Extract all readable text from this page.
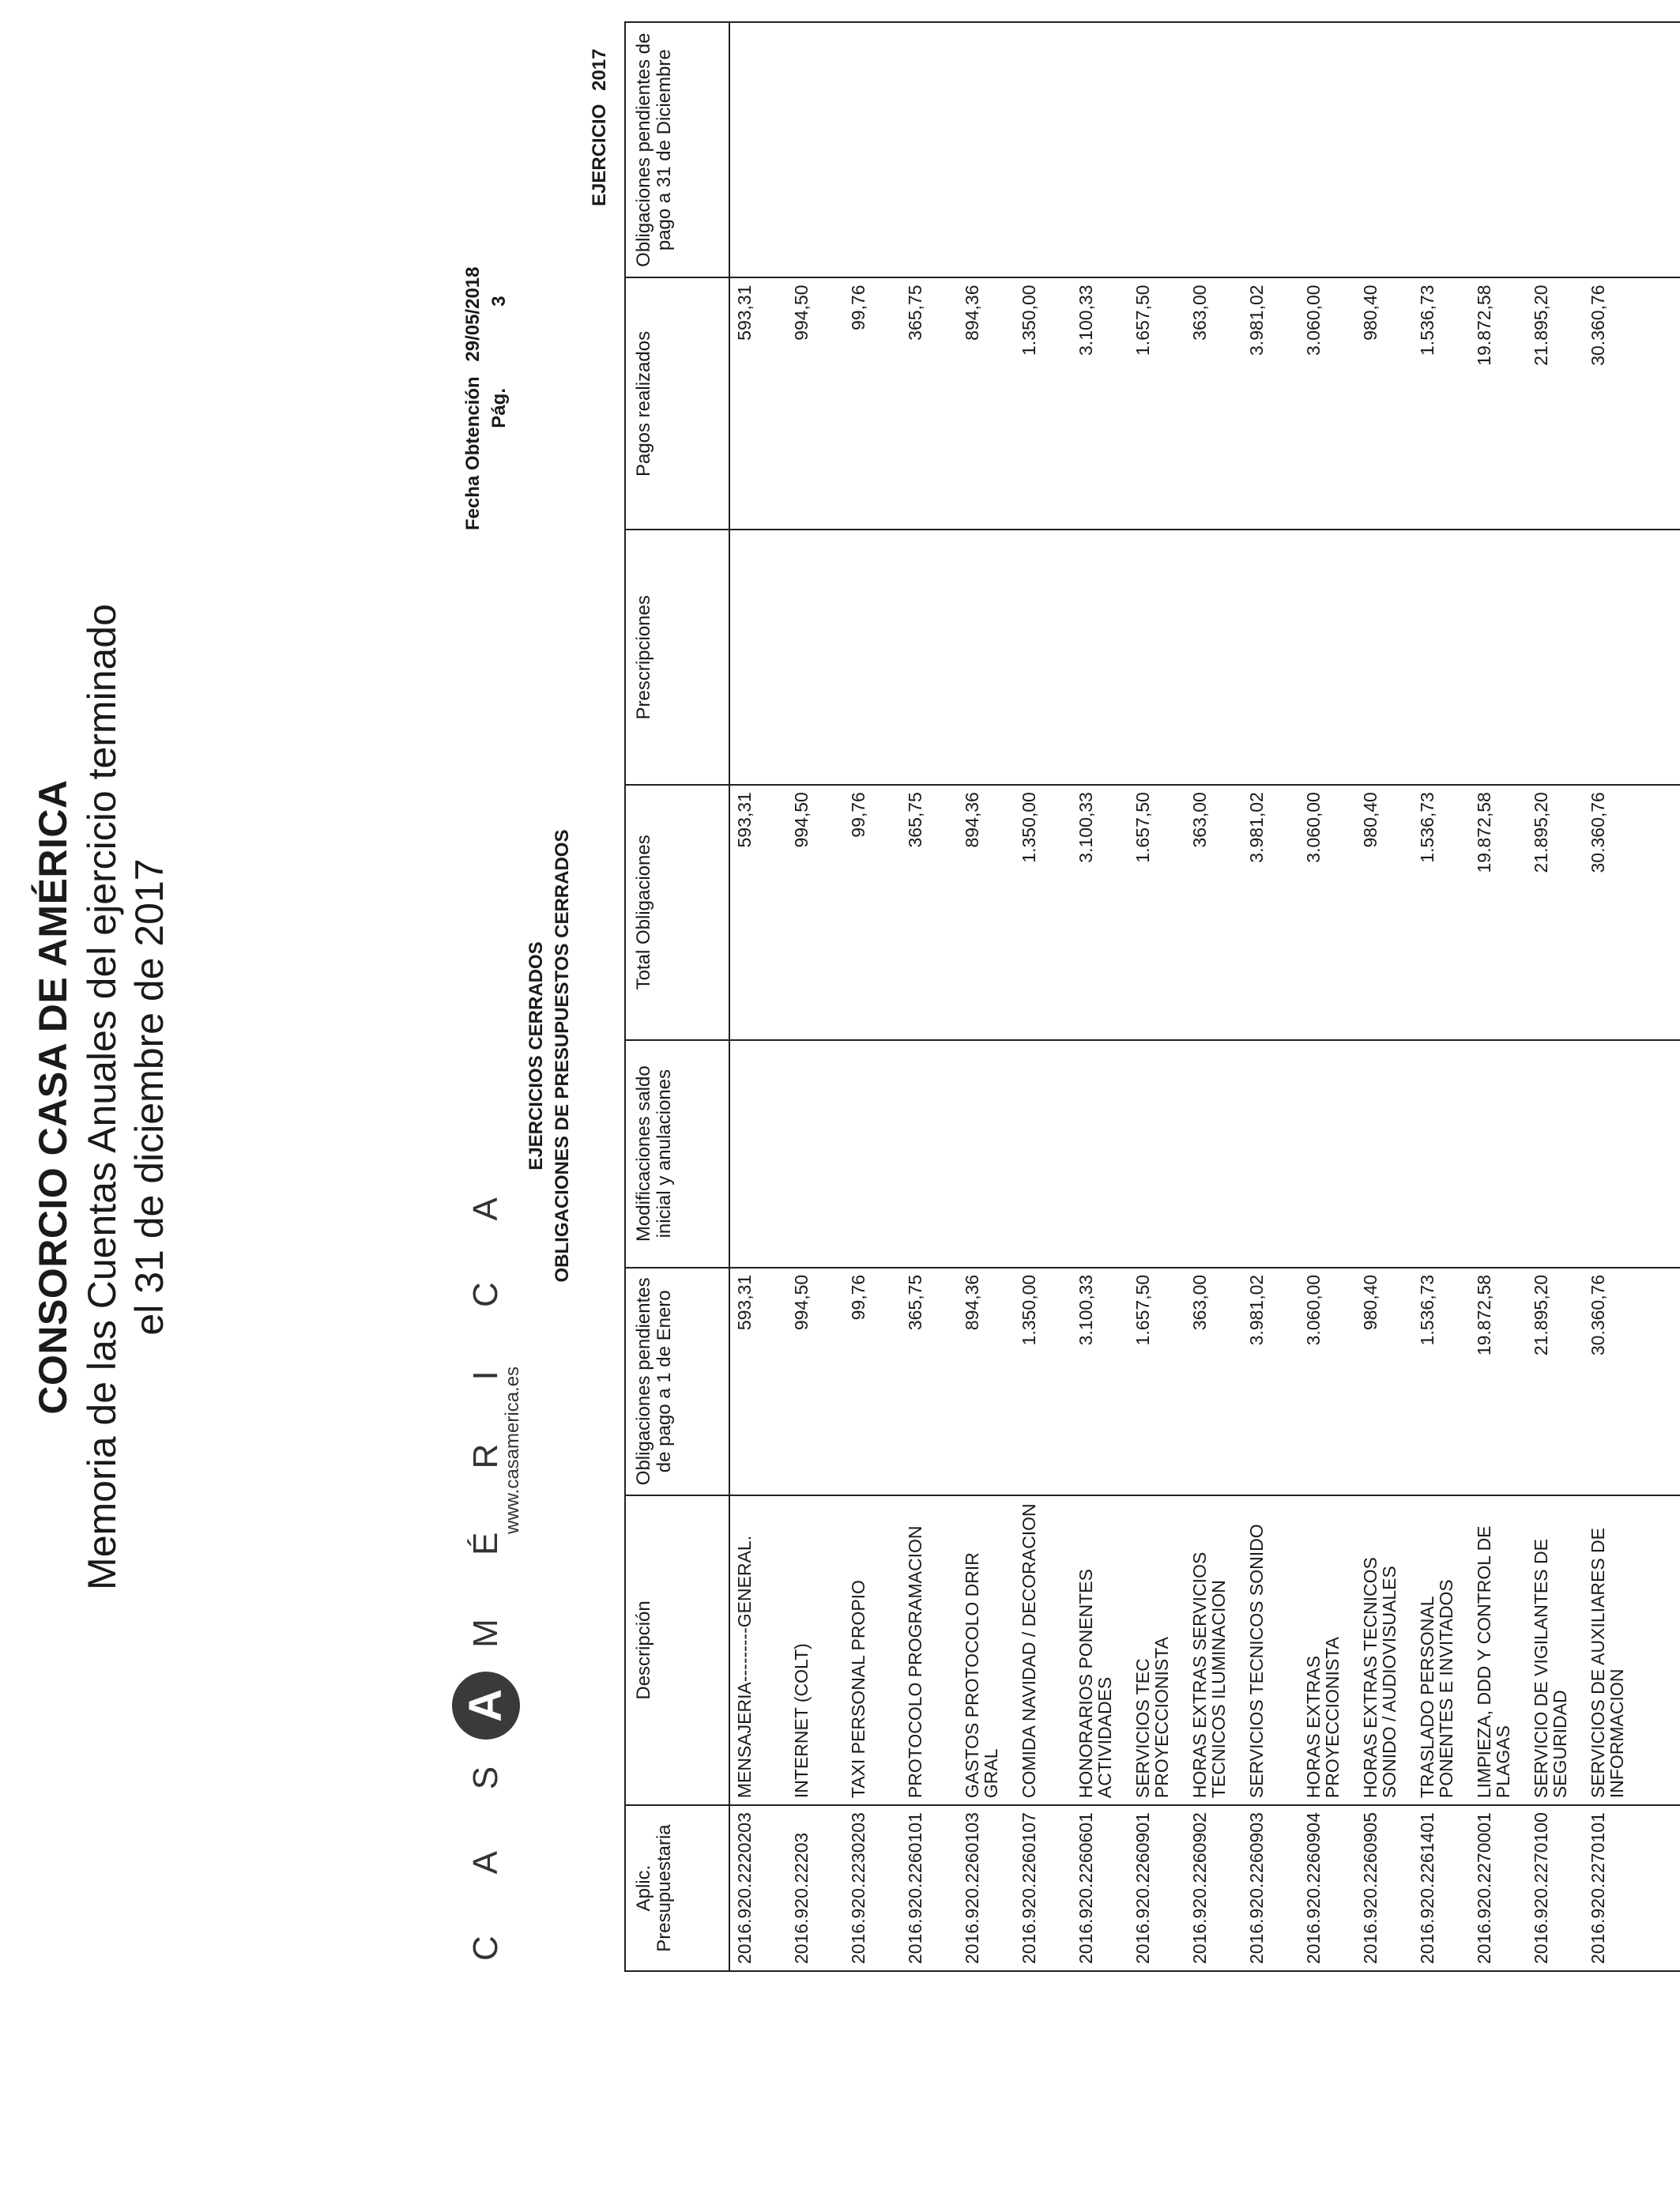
CONSORCIO CASA DE AMÉRICA Memoria de las Cuentas Anuales del ejercicio terminado el 31 de diciembre de 2017
C A S
A
M É R I C A
www.casamerica.es
EJERCICIOS CERRADOS OBLIGACIONES DE PRESUPUESTOS CERRADOS
Fecha Obtención 29/05/2018
Pág. 3
EJERCICIO 2017
Aplic. Presupuestaria	Descripción	Obligaciones pendientes de pago a 1 de Enero	Modificaciones saldo inicial y anulaciones	Total Obligaciones	Prescripciones	Pagos realizados	Obligaciones pendientes de pago a 31 de Diciembre
2016.920.2220203	MENSAJERIA---------GENERAL.	593,31		593,31		593,31	
2016.920.22203	INTERNET (COLT)	994,50		994,50		994,50	
2016.920.2230203	TAXI PERSONAL PROPIO	99,76		99,76		99,76	
2016.920.2260101	PROTOCOLO PROGRAMACION	365,75		365,75		365,75	
2016.920.2260103	GASTOS PROTOCOLO DRIR GRAL	894,36		894,36		894,36	
2016.920.2260107	COMIDA NAVIDAD / DECORACION	1.350,00		1.350,00		1.350,00	
2016.920.2260601	HONORARIOS PONENTES ACTIVIDADES	3.100,33		3.100,33		3.100,33	
2016.920.2260901	SERVICIOS TEC PROYECCIONISTA	1.657,50		1.657,50		1.657,50	
2016.920.2260902	HORAS EXTRAS SERVICIOS TECNICOS ILUMINACION	363,00		363,00		363,00	
2016.920.2260903	SERVICIOS TECNICOS SONIDO	3.981,02		3.981,02		3.981,02	
2016.920.2260904	HORAS EXTRAS PROYECCIONISTA	3.060,00		3.060,00		3.060,00	
2016.920.2260905	HORAS EXTRAS TECNICOS SONIDO / AUDIOVISUALES	980,40		980,40		980,40	
2016.920.2261401	TRASLADO PERSONAL PONENTES E INVITADOS	1.536,73		1.536,73		1.536,73	
2016.920.2270001	LIMPIEZA, DDD Y CONTROL DE PLAGAS	19.872,58		19.872,58		19.872,58	
2016.920.2270100	SERVICIO DE VIGILANTES DE SEGURIDAD	21.895,20		21.895,20		21.895,20	
2016.920.2270101	SERVICIOS DE AUXILIARES DE INFORMACION	30.360,76		30.360,76		30.360,76	
